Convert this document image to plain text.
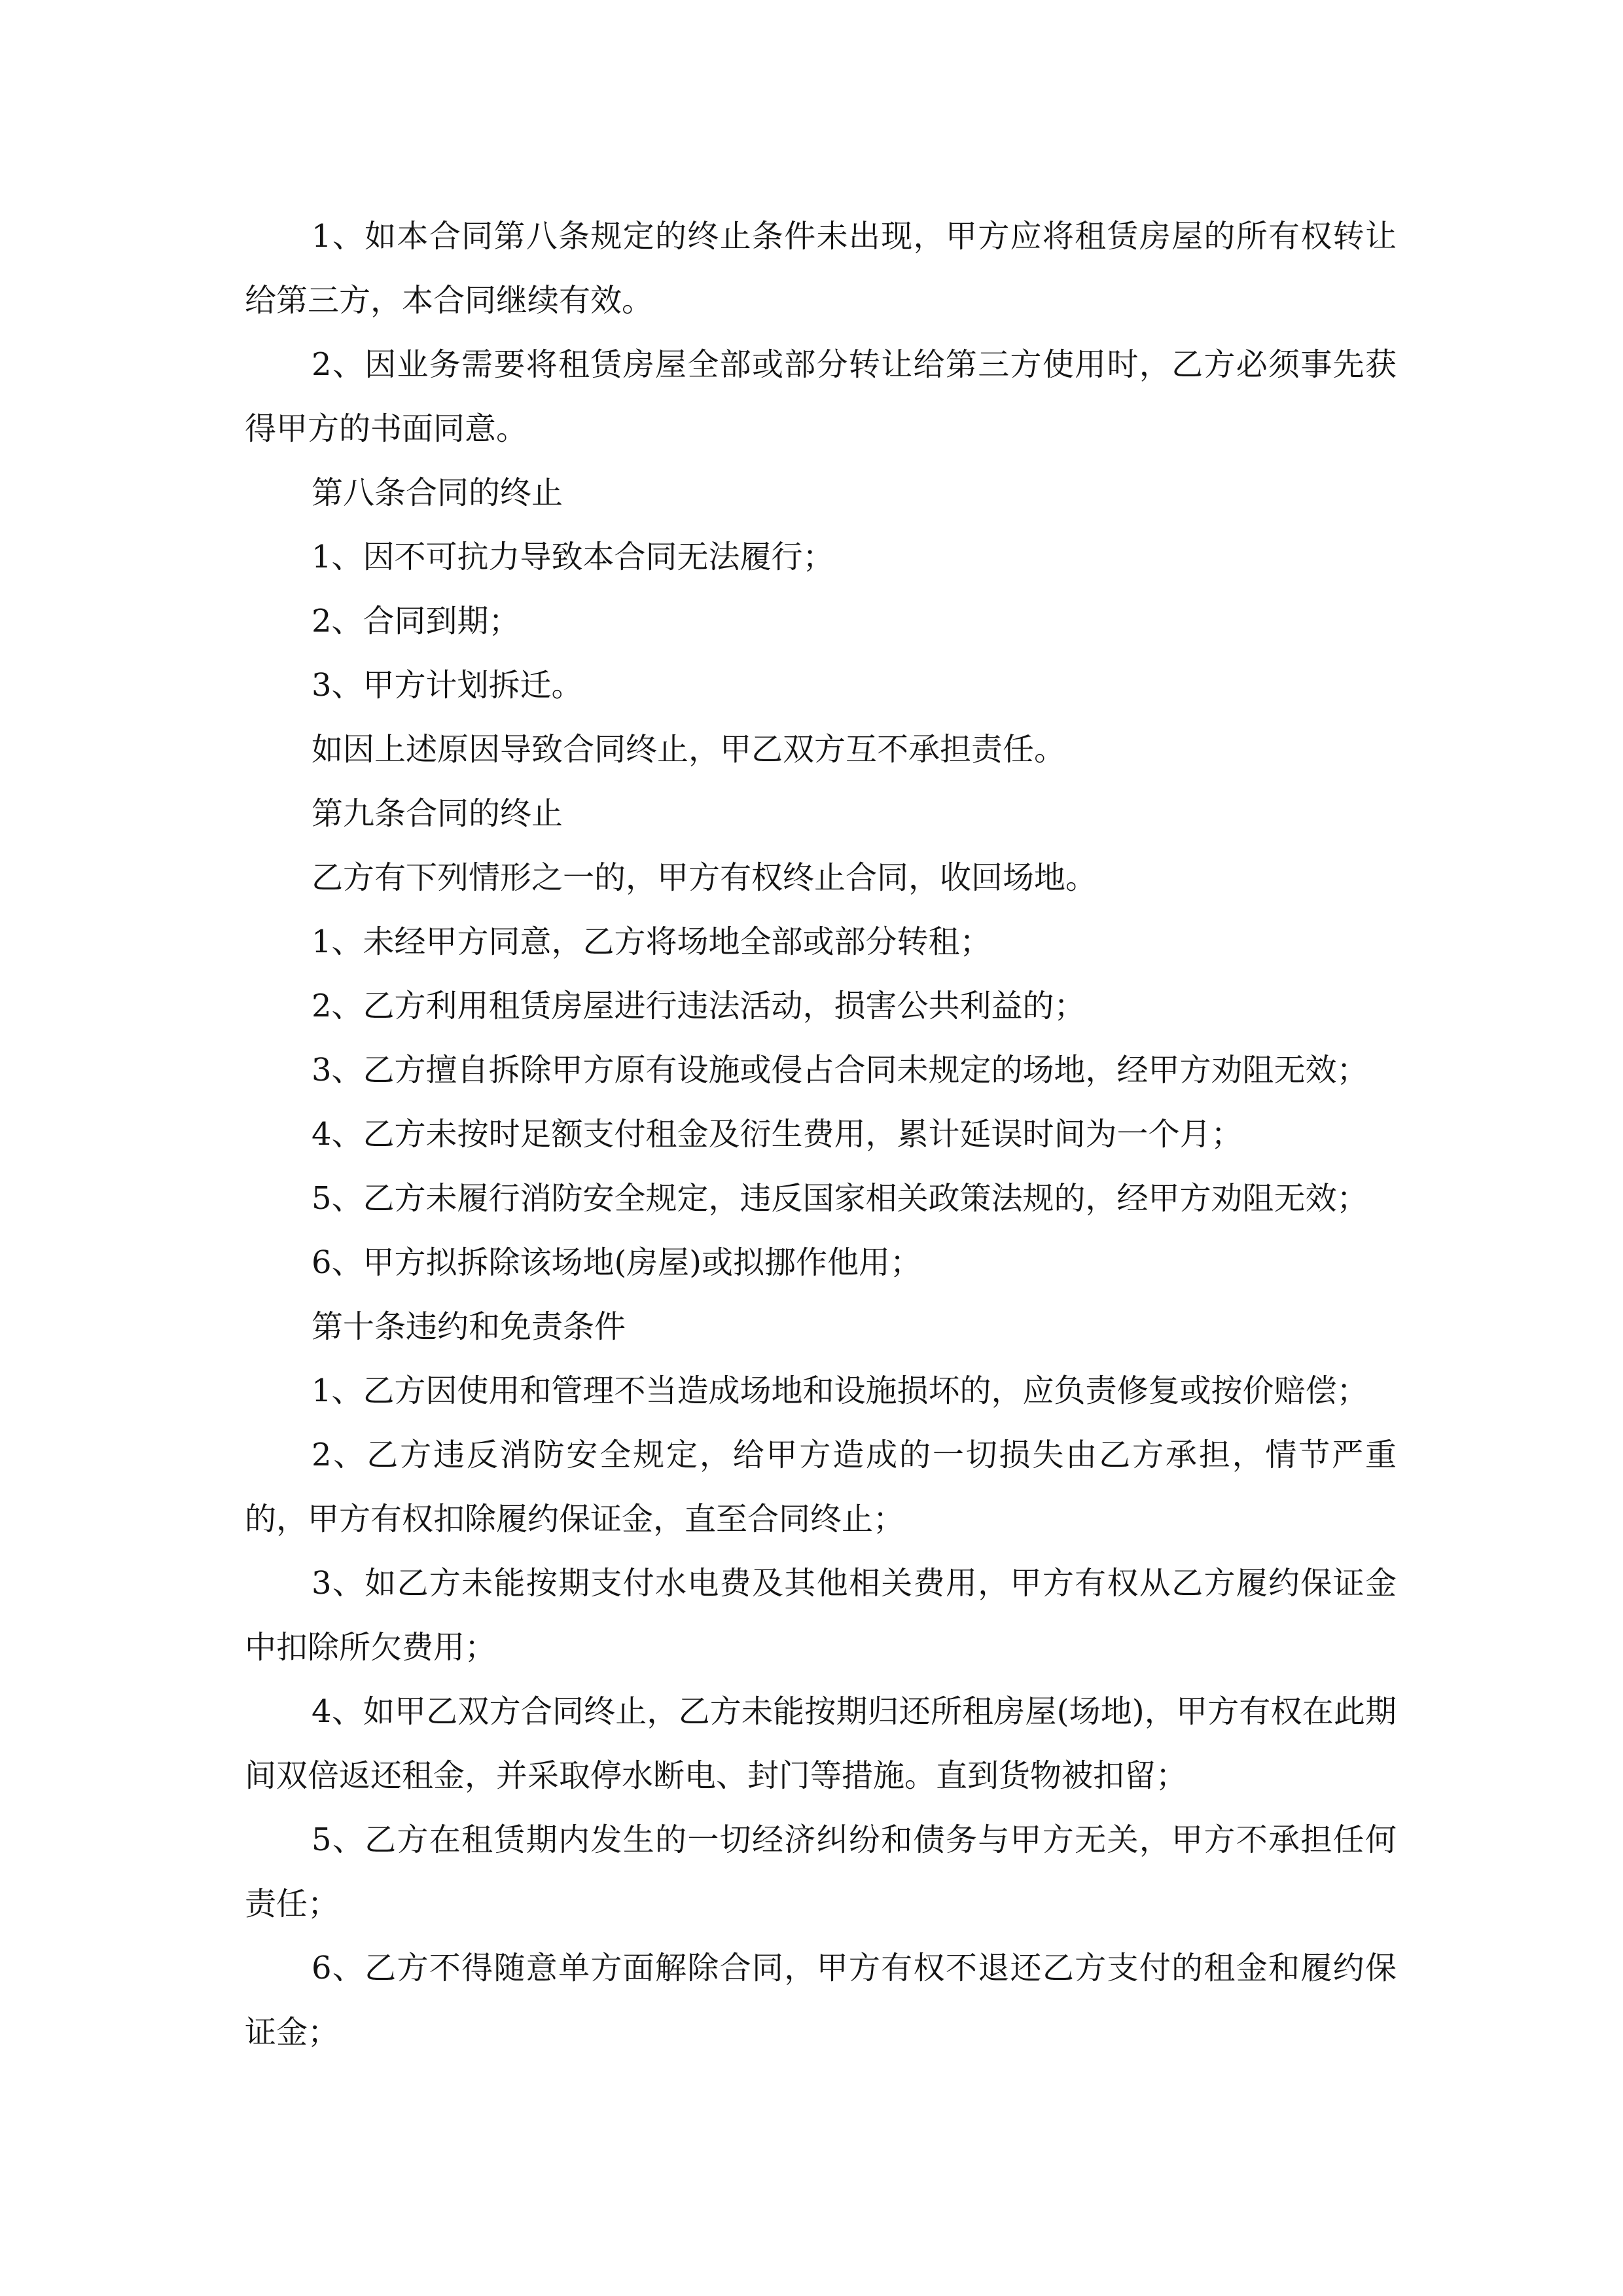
1、如本合同第八条规定的终止条件未出现，甲方应将租赁房屋的所有权转让给第三方，本合同继续有效。

2、因业务需要将租赁房屋全部或部分转让给第三方使用时，乙方必须事先获得甲方的书面同意。

第八条合同的终止

1、因不可抗力导致本合同无法履行；

2、合同到期；

3、甲方计划拆迁。

如因上述原因导致合同终止，甲乙双方互不承担责任。

第九条合同的终止

乙方有下列情形之一的，甲方有权终止合同，收回场地。

1、未经甲方同意，乙方将场地全部或部分转租；

2、乙方利用租赁房屋进行违法活动，损害公共利益的；

3、乙方擅自拆除甲方原有设施或侵占合同未规定的场地，经甲方劝阻无效；

4、乙方未按时足额支付租金及衍生费用，累计延误时间为一个月；

5、乙方未履行消防安全规定，违反国家相关政策法规的，经甲方劝阻无效；

6、甲方拟拆除该场地(房屋)或拟挪作他用；

第十条违约和免责条件

1、乙方因使用和管理不当造成场地和设施损坏的，应负责修复或按价赔偿；

2、乙方违反消防安全规定，给甲方造成的一切损失由乙方承担，情节严重的，甲方有权扣除履约保证金，直至合同终止；

3、如乙方未能按期支付水电费及其他相关费用，甲方有权从乙方履约保证金中扣除所欠费用；

4、如甲乙双方合同终止，乙方未能按期归还所租房屋(场地)，甲方有权在此期间双倍返还租金，并采取停水断电、封门等措施。直到货物被扣留；

5、乙方在租赁期内发生的一切经济纠纷和债务与甲方无关，甲方不承担任何责任；

6、乙方不得随意单方面解除合同，甲方有权不退还乙方支付的租金和履约保证金；
